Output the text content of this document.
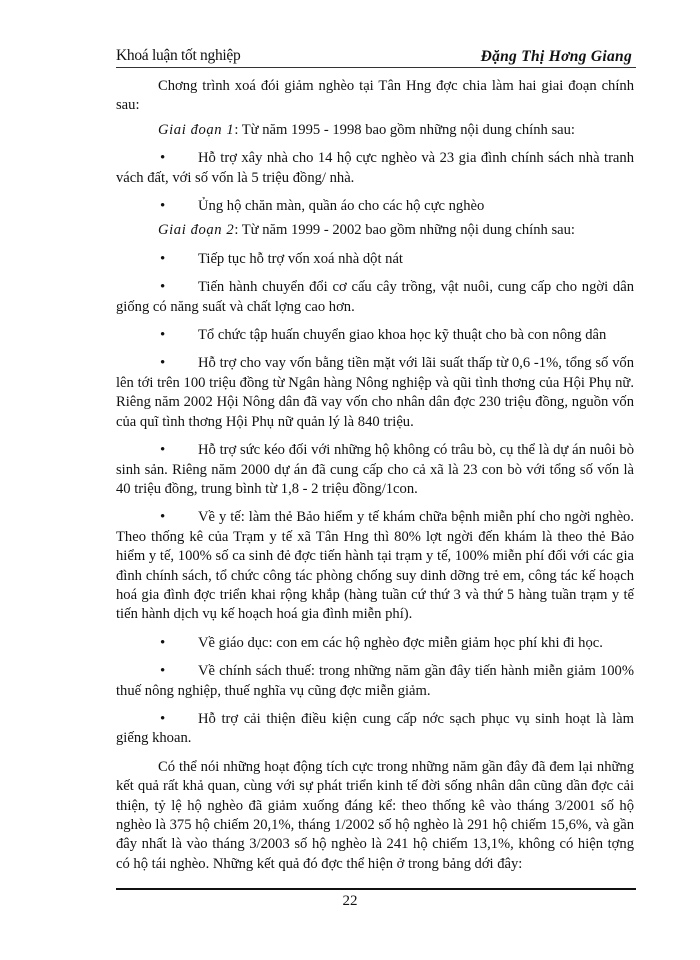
Khoá luận tốt nghiệp	Đặng Thị Hơng Giang

Chơng trình xoá đói giảm nghèo tại Tân Hng đợc chia làm hai giai đoạn chính sau:

Giai đoạn 1: Từ năm 1995 - 1998 bao gồm những nội dung chính sau:

• Hỗ trợ xây nhà cho 14 hộ cực nghèo và 23 gia đình chính sách nhà tranh vách đất, với số vốn là 5 triệu đồng/ nhà.

• Ủng hộ chăn màn, quần áo cho các hộ cực nghèo

Giai đoạn 2: Từ năm 1999 - 2002 bao gồm những nội dung chính sau:

• Tiếp tục hỗ trợ vốn xoá nhà dột nát

• Tiến hành chuyển đổi cơ cấu cây trồng, vật nuôi, cung cấp cho ngời dân giống có năng suất và chất lợng cao hơn.

• Tổ chức tập huấn chuyển giao khoa học kỹ thuật cho bà con nông dân

• Hỗ trợ cho vay vốn bằng tiền mặt với lãi suất thấp từ 0,6 -1%, tổng số vốn lên tới trên 100 triệu đồng từ Ngân hàng Nông nghiệp và qũi tình thơng của Hội Phụ nữ. Riêng năm 2002 Hội Nông dân đã vay vốn cho nhân dân đợc 230 triệu đồng, nguồn vốn của quĩ tình thơng Hội Phụ nữ quản lý là 840 triệu.

• Hỗ trợ sức kéo đối với những hộ không có trâu bò, cụ thể là dự án nuôi bò sinh sản. Riêng năm 2000 dự án đã cung cấp cho cả xã là 23 con bò với tổng số vốn là 40 triệu đồng, trung bình từ 1,8 - 2 triệu đồng/1con.

• Về y tế: làm thẻ Bảo hiểm y tế khám chữa bệnh miễn phí cho ngời nghèo. Theo thống kê của Trạm y tế xã Tân Hng thì 80% lợt ngời đến khám là theo thẻ Bảo hiểm y tế, 100% số ca sinh đẻ đợc tiến hành tại trạm y tế, 100% miễn phí đối với các gia đình chính sách, tổ chức công tác phòng chống suy dinh dỡng trẻ em, công tác kế hoạch hoá gia đình đợc triển khai rộng khắp (hàng tuần cứ thứ 3 và thứ 5 hàng tuần trạm y tế tiến hành dịch vụ kế hoạch hoá gia đình miễn phí).

• Về giáo dục: con em các hộ nghèo đợc miễn giảm học phí khi đi học.

• Về chính sách thuế: trong những năm gần đây tiến hành miễn giảm 100% thuế nông nghiệp, thuế nghĩa vụ cũng đợc miễn giảm.

• Hỗ trợ cải thiện điều kiện cung cấp nớc sạch phục vụ sinh hoạt là làm giếng khoan.

Có thể nói những hoạt động tích cực trong những năm gần đây đã đem lại những kết quả rất khả quan, cùng với sự phát triển kinh tế đời sống nhân dân cũng dần đợc cải thiện, tỷ lệ hộ nghèo đã giảm xuống đáng kể: theo thống kê vào tháng 3/2001 số hộ nghèo là 375 hộ chiếm 20,1%, tháng 1/2002 số hộ nghèo là 291 hộ chiếm 15,6%, và gần đây nhất là vào tháng 3/2003 số hộ nghèo là 241 hộ chiếm 13,1%, không có hiện tợng có hộ tái nghèo. Những kết quả đó đợc thể hiện ở trong bảng dới đây:

22
